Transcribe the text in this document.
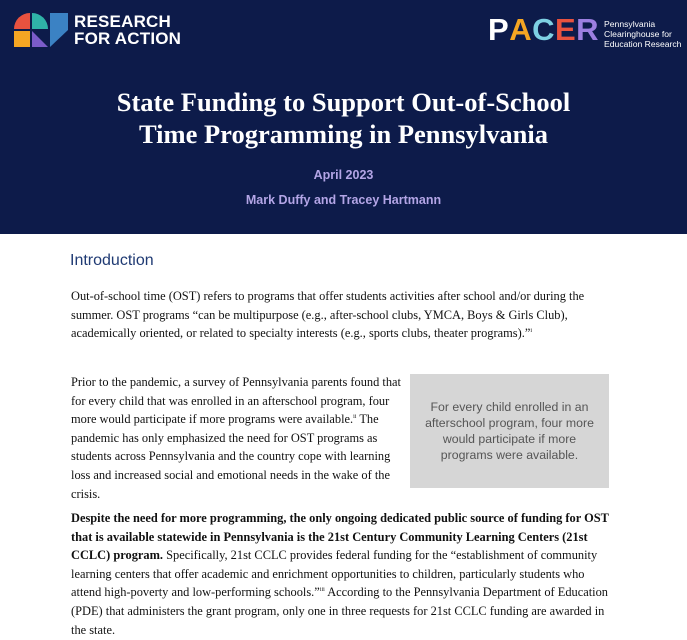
RESEARCH
FOR ACTION	P A C E R Pennsylvania Clearinghouse for Education Research
State Funding to Support Out-of-School
Time Programming in Pennsylvania
April 2023
Mark Duffy and Tracey Hartmann
Introduction

Out-of-school time (OST) refers to programs that offer students activities after school and/or during the summer. OST programs “can be multipurpose (e.g., after-school clubs, YMCA, Boys & Girls Club), academically oriented, or related to specialty interests (e.g., sports clubs, theater programs).”$^i$

Prior to the pandemic, a survey of Pennsylvania parents found that for every child that was enrolled in an afterschool program, four more would participate if more programs were available.$^{ii}$ The pandemic has only emphasized the need for OST programs as students across Pennsylvania and the country cope with learning loss and increased social and emotional needs in the wake of the crisis.

For every child enrolled in an afterschool program, four more would participate if more programs were available.

Despite the need for more programming, the only ongoing dedicated public source of funding for OST that is available statewide in Pennsylvania is the 21st Century Community Learning Centers (21st CCLC) program. Specifically, 21st CCLC provides federal funding for the “establishment of community learning centers that offer academic and enrichment opportunities to children, particularly students who attend high-poverty and low-performing schools.”$^{iii}$ According to the Pennsylvania Department of Education (PDE) that administers the grant program, only one in three requests for 21st CCLC funding are awarded in the state.
